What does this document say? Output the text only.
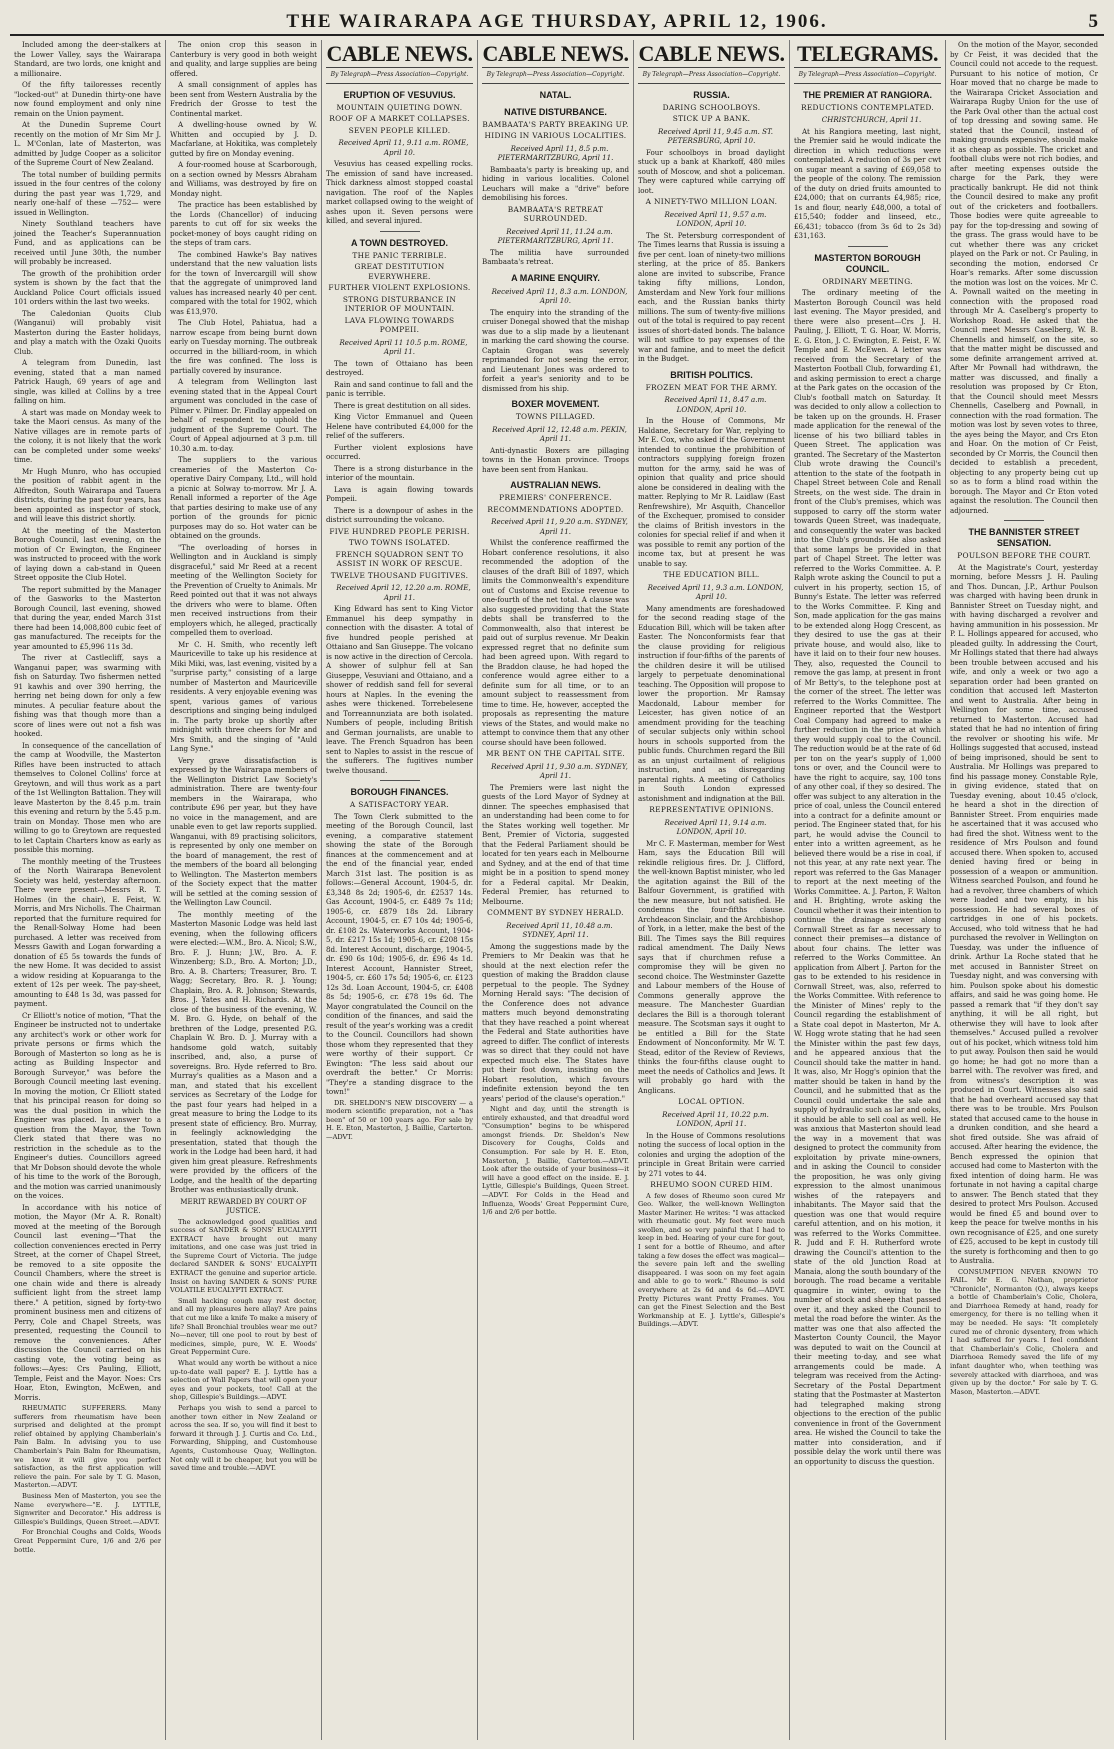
THE WAIRARAPA AGE THURSDAY, APRIL 12, 1906.	5

Included among the deer-stalkers at the Lower Valley, says the Wairarapa Standard, are two lords, one knight and a millionaire.

Of the fifty tailoresses recently "locked-out" at Dunedin thirty-one have now found employment and only nine remain on the Union payment.

At the Dunedin Supreme Court recently on the motion of Mr Sim Mr J. L. M'Conlan, late of Masterton, was admitted by Judge Cooper as a solicitor of the Supreme Court of New Zealand.

The total number of building permits issued in the four centres of the colony during the past year was 1,729, and nearly one-half of these —752— were issued in Wellington.

Ninety Southland teachers have joined the Teacher's Superannuation Fund, and as applications can be received until June 30th, the number will probably be increased.

The growth of the prohibition order system is shown by the fact that the Auckland Police Court officials issued 101 orders within the last two weeks.

The Caledonian Quoits Club (Wanganui) will probably visit Masterton during the Easter holidays, and play a match with the Ozaki Quoits Club.

A telegram from Dunedin, last evening, stated that a man named Patrick Haugh, 69 years of age and single, was killed at Collins by a tree falling on him.

A start was made on Monday week to take the Maori census. As many of the Native villages are in remote parts of the colony, it is not likely that the work can be completed under some weeks' time.

Mr Hugh Munro, who has occupied the position of rabbit agent in the Alfredton, South Wairarapa and Tauera districts, during the past four years, has been appointed as inspector of stock, and will leave this district shortly.

At the meeting of the Masterton Borough Council, last evening, on the motion of Cr Ewington, the Engineer was instructed to proceed with the work of laying down a cab-stand in Queen Street opposite the Club Hotel.

The report submitted by the Manager of the Gasworks to the Masterton Borough Council, last evening, showed that during the year, ended March 31st there had been 14,008,800 cubic feet of gas manufactured. The receipts for the year amounted to £5,996 11s 3d.

The river at Castlecliff, says a Wanganui paper, was swarming with fish on Saturday. Two fishermen netted 91 kawhis and over 390 herring, the herring net being down for only a few minutes. A peculiar feature about the fishing was that though more than a score of lines were out not a fish was hooked.

In consequence of the cancellation of the camp at Woodville, the Masterton Rifles have been instructed to attach themselves to Colonel Collins' force at Greytown, and will thus work as a part of the 1st Wellington Battalion. They will leave Masterton by the 8.45 p.m. train this evening and return by the 5.45 p.m. train on Monday. Those men who are willing to go to Greytown are requested to let Captain Charters know as early as possible this morning.

The monthly meeting of the Trustees of the North Wairarapa Benevolent Society was held, yesterday afternoon. There were present—Messrs R. T. Holmes (in the chair), E. Feist, W. Morris, and Mrs Nicholls. The Chairman reported that the furniture required for the Renall-Solway Home had been purchased. A letter was received from Messrs Gawith and Logan forwarding a donation of £5 5s towards the funds of the new Home. It was decided to assist a widow residing at Kopuaranga to the extent of 12s per week. The pay-sheet, amounting to £48 1s 3d, was passed for payment.

Cr Elliott's notice of motion, "That the Engineer be instructed not to undertake any architect's work or other work for private persons or firms which the Borough of Masterton so long as he is acting as Building Inspector and Borough Surveyor," was before the Borough Council meeting last evening. In moving the motion, Cr Elliott stated that his principal reason for doing so was the dual position in which the Engineer was placed. In answer to a question from the Mayor, the Town Clerk stated that there was no restriction in the schedule as to the Engineer's duties. Councillors agreed that Mr Dobson should devote the whole of his time to the work of the Borough, and the motion was carried unanimously on the voices.

In accordance with his notice of motion, the Mayor (Mr A. R. Ronalt) moved at the meeting of the Borough Council last evening—"That the collection conveniences erected in Perry Street, at the corner of Chapel Street, be removed to a site opposite the Council Chambers, where the street is one chain wide and there is already sufficient light from the street lamp there." A petition, signed by forty-two prominent business men and citizens of Perry, Cole and Chapel Streets, was presented, requesting the Council to remove the conveniences. After discussion the Council carried on his casting vote, the voting being as follows:—Ayes: Crs Pauling, Elliott, Temple, Feist and the Mayor. Noes: Crs Hoar, Eton, Ewington, McEwen, and Morris.

RHEUMATIC SUFFERERS. Many sufferers from rheumatism have been surprised and delighted at the prompt relief obtained by applying Chamberlain's Pain Balm. In advising you to use Chamberlain's Pain Balm for Rheumatism, we know it will give you perfect satisfaction, as the first application will relieve the pain. For sale by T. G. Mason, Masterton.—ADVT.

Business Men of Masterton, you see the Name everywhere—"E. J. LYTTLE, Signwriter and Decorator." His address is Gillespie's Buildings, Queen Street.—ADVT.

For Bronchial Coughs and Colds, Woods Great Peppermint Cure, 1/6 and 2/6 per bottle.

The onion crop this season in Canterbury is very good in both weight and quality, and large supplies are being offered.

A small consignment of apples has been sent from Western Australia by the Fredrich der Grosse to test the Continental market.

A dwelling-house owned by W. Whitten and occupied by J. D. Macfarlane, at Hokitika, was completely gutted by fire on Monday evening.

A four-roomed house at Scarborough, on a section owned by Messrs Abraham and Williams, was destroyed by fire on Monday night.

The practice has been established by the Lords (Chancellor) of inducing parents to cut off for six weeks the pocket-money of boys caught riding on the steps of tram cars.

The combined Hawke's Bay natives understand that the new valuation lists for the town of Invercargill will show that the aggregate of unimproved land values has increased nearly 40 per cent. compared with the total for 1902, which was £13,970.

The Club Hotel, Pahiatua, had a narrow escape from being burnt down early on Tuesday morning. The outbreak occurred in the billiard-room, in which the fire was confined. The loss is partially covered by insurance.

A telegram from Wellington last evening stated that in the Appeal Court argument was concluded in the case of Pilmer v. Pilmer. Dr. Findlay appealed on behalf of respondent to uphold the judgment of the Supreme Court. The Court of Appeal adjourned at 3 p.m. till 10.30 a.m. to-day.

The suppliers to the various creameries of the Masterton Co-operative Dairy Company, Ltd., will hold a picnic at Solway to-morrow. Mr J. A. Renall informed a reporter of the Age that parties desiring to make use of any portion of the grounds for picnic purposes may do so. Hot water can be obtained on the grounds.

"The overloading of horses in Wellington and in Auckland is simply disgraceful," said Mr Reed at a recent meeting of the Wellington Society for the Prevention of Cruelty to Animals. Mr Reed pointed out that it was not always the drivers who were to blame. Often men received instructions from their employers which, he alleged, practically compelled them to overload.

Mr C. H. Smith, who recently left Mauriceville to take up his residence at Miki Miki, was, last evening, visited by a "surprise party," consisting of a large number of Masterton and Mauriceville residents. A very enjoyable evening was spent, various games of various descriptions and singing being indulged in. The party broke up shortly after midnight with three cheers for Mr and Mrs Smith, and the singing of "Auld Lang Syne."

Very grave dissatisfaction is expressed by the Wairarapa members of the Wellington District Law Society's administration. There are twenty-four members in the Wairarapa, who contribute £96 per year, but they have no voice in the management, and are unable even to get law reports supplied. Wanganui, with 89 practising solicitors, is represented by only one member on the board of management, the rest of the members of the board all belonging to Wellington. The Masterton members of the Society expect that the matter will be settled at the coming session of the Wellington Law Council.

The monthly meeting of the Masterton Masonic Lodge was held last evening, when the following officers were elected:—W.M., Bro. A. Nicol; S.W., Bro. F. J. Hunn; J.W., Bro. A. F. Winzenberg; S.D., Bro. A. Morton; J.D., Bro. A. B. Charters; Treasurer, Bro. T. Wagg; Secretary, Bro. R. J. Young; Chaplain, Bro. A. R. Johnson; Stewards, Bros. J. Yates and H. Richards. At the close of the business of the evening, W. M. Bro. G. Hyde, on behalf of the brethren of the Lodge, presented P.G. Chaplain W. Bro. D. J. Murray with a handsome gold watch, suitably inscribed, and, also, a purse of sovereigns. Bro. Hyde referred to Bro. Murray's qualities as a Mason and a man, and stated that his excellent services as Secretary of the Lodge for the past four years had helped in a great measure to bring the Lodge to its present state of efficiency. Bro. Murray, in feelingly acknowledging the presentation, stated that though the work in the Lodge had been hard, it had given him great pleasure. Refreshments were provided by the officers of the Lodge, and the health of the departing Brother was enthusiastically drunk.

MERIT REWARDED BY COURT OF JUSTICE.

The acknowledged good qualities and success of SANDER & SONS' EUCALYPTI EXTRACT have brought out many imitations, and one case was just tried in the Supreme Court of Victoria. The judge declared SANDER & SONS' EUCALYPTI EXTRACT the genuine and superior article. Insist on having SANDER & SONS' PURE VOLATILE EUCALYPTI EXTRACT.

Small hacking cough may rest doctor, and all my pleasures here allay? Are pains that cut me like a knife To make a misery of life? Shall Bronchial troubles wear me out? No—never, till one pool to rout by best of medicines, simple, pure, W. E. Woods' Great Peppermint Cure.

What would any worth be without a nice up-to-date wall paper? E. J. Lyttle has a selection of Wall Papers that will open your eyes and your pockets, too! Call at the shop, Gillespie's Buildings.—ADVT.

Perhaps you wish to send a parcel to another town either in New Zealand or across the sea. If so, you will find it best to forward it through J. J. Curtis and Co. Ltd., Forwarding, Shipping, and Customhouse Agents, Customhouse Quay, Wellington. Not only will it be cheaper, but you will be saved time and trouble.—ADVT.

CABLE NEWS.
By Telegraph—Press Association—Copyright.
ERUPTION OF VESUVIUS.
MOUNTAIN QUIETING DOWN.
ROOF OF A MARKET COLLAPSES.
SEVEN PEOPLE KILLED.

Received April 11, 9.11 a.m. ROME, April 10.

Vesuvius has ceased expelling rocks. The emission of sand have increased. Thick darkness almost stopped coastal navigation. The roof of the Naples market collapsed owing to the weight of ashes upon it. Seven persons were killed, and several injured.

A TOWN DESTROYED.
THE PANIC TERRIBLE.
GREAT DESTITUTION EVERYWHERE.
FURTHER VIOLENT EXPLOSIONS.
STRONG DISTURBANCE IN INTERIOR OF MOUNTAIN.
LAVA FLOWING TOWARDS POMPEII.

Received April 11 10.5 p.m. ROME, April 11.

The town of Ottaiano has been destroyed.

Rain and sand continue to fall and the panic is terrible.

There is great destitution on all sides.

King Victor Emmanuel and Queen Helene have contributed £4,000 for the relief of the sufferers.

Further violent explosions have occurred.

There is a strong disturbance in the interior of the mountain.

Lava is again flowing towards Pompeii.

There is a downpour of ashes in the district surrounding the volcano.

FIVE HUNDRED PEOPLE PERISH.
TWO TOWNS ISOLATED.
FRENCH SQUADRON SENT TO ASSIST IN WORK OF RESCUE.
TWELVE THOUSAND FUGITIVES.

Received April 12, 12.20 a.m. ROME, April 11.

King Edward has sent to King Victor Emmanuel his deep sympathy in connection with the disaster. A total of five hundred people perished at Ottaiano and San Giuseppe. The volcano is now active in the direction of Cercola. A shower of sulphur fell at San Giuseppe, Vesuviani and Ottaiano, and a shower of reddish sand fell for several hours at Naples. In the evening the ashes were thickened. Torrebelesene and Torreannunziata are both isolated. Numbers of people, including British and German journalists, are unable to leave. The French Squadron has been sent to Naples to assist in the rescue of the sufferers. The fugitives number twelve thousand.

BOROUGH FINANCES.
A SATISFACTORY YEAR.

The Town Clerk submitted to the meeting of the Borough Council, last evening, a comparative statement showing the state of the Borough finances at the commencement and at the end of the financial year, ended March 31st last. The position is as follows:—General Account, 1904-5, dr. £3,348 8s 2d; 1905-6, dr. £2537 14s. Gas Account, 1904-5, cr. £489 7s 11d; 1905-6, cr. £879 18s 2d. Library Account, 1904-5, cr. £7 10s 4d; 1905-6, dr. £108 2s. Waterworks Account, 1904-5, dr. £217 15s 1d; 1905-6, cr. £208 15s 8d. Interest Account, discharge, 1904-5, dr. £90 6s 10d; 1905-6, dr. £96 4s 1d. Interest Account, Hannister Street, 1904-5, cr. £60 17s 5d; 1905-6, cr. £123 12s 3d. Loan Account, 1904-5, cr. £408 8s 5d; 1905-6, cr. £78 19s 6d. The Mayor congratulated the Council on the condition of the finances, and said the result of the year's working was a credit to the Council. Councillors had shown those whom they represented that they were worthy of their support. Cr Ewington: "The less said about our overdraft the better." Cr Morris: "They're a standing disgrace to the town!"

DR. SHELDON'S NEW DISCOVERY — a modern scientific preparation, not a "has been" of 50 or 100 years ago. For sale by H. E. Eton, Masterton, J. Baillie, Carterton.—ADVT.

CABLE NEWS.
By Telegraph—Press Association—Copyright.
NATAL.
NATIVE DISTURBANCE.
BAMBAATA'S PARTY BREAKING UP.
HIDING IN VARIOUS LOCALITIES.

Received April 11, 8.5 p.m. PIETERMARITZBURG, April 11.

Bambaata's party is breaking up, and hiding in various localities. Colonel Leuchars will make a "drive" before demobilising his forces.

BAMBAATA'S RETREAT SURROUNDED.

Received April 11, 11.24 a.m. PIETERMARITZBURG, April 11.

The militia have surrounded Bambaata's retreat.

A MARINE ENQUIRY.

Received April 11, 8.3 a.m. LONDON, April 10.

The enquiry into the stranding of the cruiser Donegal showed that the mishap was due to a slip made by a lieutenant in marking the card showing the course. Captain Grogan was severely reprimanded for not seeing the error, and Lieutenant Jones was ordered to forfeit a year's seniority and to be dismissed from his ship.

BOXER MOVEMENT.
TOWNS PILLAGED.

Received April 12, 12.48 a.m. PEKIN, April 11.

Anti-dynastic Boxers are pillaging towns in the Honan province. Troops have been sent from Hankau.

AUSTRALIAN NEWS.
PREMIERS' CONFERENCE.
RECOMMENDATIONS ADOPTED.

Received April 11, 9.20 a.m. SYDNEY, April 11.

Whilst the conference reaffirmed the Hobart conference resolutions, it also recommended the adoption of the clauses of the draft Bill of 1897, which limits the Commonwealth's expenditure out of Customs and Excise revenue to one-fourth of the net total. A clause was also suggested providing that the State debts shall be transferred to the Commonwealth, also that interest be paid out of surplus revenue. Mr Deakin expressed regret that no definite sum had been agreed upon. With regard to the Braddon clause, he had hoped the conference would agree either to a definite sum for all time, or to an amount subject to reassessment from time to time. He, however, accepted the proposals as representing the mature views of the States, and would make no attempt to convince them that any other course should have been followed.

MR BENT ON THE CAPITAL SITE.

Received April 11, 9.30 a.m. SYDNEY, April 11.

The Premiers were last night the guests of the Lord Mayor of Sydney at dinner. The speeches emphasised that an understanding had been come to for the States working well together. Mr Bent, Premier of Victoria, suggested that the Federal Parliament should be located for ten years each in Melbourne and Sydney, and at the end of that time might be in a position to spend money for a Federal capital. Mr Deakin, Federal Premier, has returned to Melbourne.

COMMENT BY SYDNEY HERALD.

Received April 11, 10.48 a.m. SYDNEY, April 11.

Among the suggestions made by the Premiers to Mr Deakin was that he should at the next election refer the question of making the Braddon clause perpetual to the people. The Sydney Morning Herald says: "The decision of the Conference does not advance matters much beyond demonstrating that they have reached a point whereat the Federal and State authorities have agreed to differ. The conflict of interests was so direct that they could not have expected much else. The States have put their foot down, insisting on the Hobart resolution, which favours indefinite extension beyond the ten years' period of the clause's operation."

Night and day, until the strength is entirely exhausted, and that dreadful word "Consumption" begins to be whispered amongst friends. Dr. Sheldon's New Discovery for Coughs, Colds and Consumption. For sale by H. E. Eton, Masterton, J. Baillie, Carterton.—ADVT. Look after the outside of your business—it will have a good effect on the inside. E. J. Lyttle, Gillespie's Buildings, Queen Street.—ADVT. For Colds in the Head and Influenza, Woods' Great Peppermint Cure, 1/6 and 2/6 per bottle.

CABLE NEWS.
By Telegraph—Press Association—Copyright.
RUSSIA.
DARING SCHOOLBOYS.
STICK UP A BANK.

Received April 11, 9.45 a.m. ST. PETERSBURG, April 10.

Four schoolboys in broad daylight stuck up a bank at Kharkoff, 480 miles south of Moscow, and shot a policeman. They were captured while carrying off loot.

A NINETY-TWO MILLION LOAN.

Received April 11, 9.57 a.m. LONDON, April 10.

The St. Petersburg correspondent of The Times learns that Russia is issuing a five per cent. loan of ninety-two millions sterling, at the price of 85. Bankers alone are invited to subscribe, France taking fifty millions, London, Amsterdam and New York four millions each, and the Russian banks thirty millions. The sum of twenty-five millions out of the total is required to pay recent issues of short-dated bonds. The balance will not suffice to pay expenses of the war and famine, and to meet the deficit in the Budget.

BRITISH POLITICS.
FROZEN MEAT FOR THE ARMY.

Received April 11, 8.47 a.m. LONDON, April 10.

In the House of Commons, Mr Haldane, Secretary for War, replying to Mr E. Cox, who asked if the Government intended to continue the prohibition of contractors supplying foreign frozen mutton for the army, said he was of opinion that quality and price should alone be considered in dealing with the matter. Replying to Mr R. Laidlaw (East Renfrewshire), Mr Asquith, Chancellor of the Exchequer, promised to consider the claims of British investors in the colonies for special relief if and when it was possible to remit any portion of the income tax, but at present he was unable to say.

THE EDUCATION BILL.

Received April 11, 9.3 a.m. LONDON, April 10.

Many amendments are foreshadowed for the second reading stage of the Education Bill, which will be taken after Easter. The Nonconformists fear that the clause providing for religious instruction if four-fifths of the parents of the children desire it will be utilised largely to perpetuate denominational teaching. The Opposition will propose to lower the proportion. Mr Ramsay Macdonald, Labour member for Leicester, has given notice of an amendment providing for the teaching of secular subjects only within school hours in schools supported from the public funds. Churchmen regard the Bill as an unjust curtailment of religious instruction, and as disregarding parental rights. A meeting of Catholics in South London expressed astonishment and indignation at the Bill.

REPRESENTATIVE OPINIONS.

Received April 11, 9.14 a.m. LONDON, April 10.

Mr C. F. Masterman, member for West Ham, says the Education Bill will rekindle religious fires. Dr. J. Clifford, the well-known Baptist minister, who led the agitation against the Bill of the Balfour Government, is gratified with the new measure, but not satisfied. He condemns the four-fifths clause. Archdeacon Sinclair, and the Archbishop of York, in a letter, make the best of the Bill. The Times says the Bill requires radical amendment. The Daily News says that if churchmen refuse a compromise they will be given no second choice. The Westminster Gazette and Labour members of the House of Commons generally approve the measure. The Manchester Guardian declares the Bill is a thorough tolerant measure. The Scotsman says it ought to be entitled a Bill for the State Endowment of Nonconformity. Mr W. T. Stead, editor of the Review of Reviews, thinks the four-fifths clause ought to meet the needs of Catholics and Jews. It will probably go hard with the Anglicans.

LOCAL OPTION.

Received April 11, 10.22 p.m. LONDON, April 11.

In the House of Commons resolutions noting the success of local option in the colonies and urging the adoption of the principle in Great Britain were carried by 271 votes to 44.

RHEUMO SOON CURED HIM.

A few doses of Rheumo soon cured Mr Geo. Walker, the well-known Wellington Master Mariner. He writes: "I was attacked with rheumatic gout. My feet were much swollen, and so very painful that I had to keep in bed. Hearing of your cure for gout, I sent for a bottle of Rheumo, and after taking a few doses the effect was magical—the severe pain left and the swelling disappeared. I was soon on my feet again and able to go to work." Rheumo is sold everywhere at 2s 6d and 4s 6d.—ADVT. Pretty Pictures want Pretty Frames. You can get the Finest Selection and the Best Workmanship at E. J. Lyttle's, Gillespie's Buildings.—ADVT.

TELEGRAMS.
By Telegraph—Press Association—Copyright.
THE PREMIER AT RANGIORA.
REDUCTIONS CONTEMPLATED.

CHRISTCHURCH, April 11.

At his Rangiora meeting, last night, the Premier said he would indicate the direction in which reductions were contemplated. A reduction of 3s per cwt on sugar meant a saving of £69,058 to the people of the colony. The remission of the duty on dried fruits amounted to £24,000; that on currants £4,985; rice, 1s and flour, nearly £48,000, a total of £15,540; fodder and linseed, etc., £6,431; tobacco (from 3s 6d to 2s 3d) £31,163.

MASTERTON BOROUGH COUNCIL.
ORDINARY MEETING.

The ordinary meeting of the Masterton Borough Council was held last evening. The Mayor presided, and there were also present—Crs J. H. Pauling, J. Elliott, T. G. Hoar, W. Morris, E. G. Eton, J. C. Ewington, E. Feist, F. W. Temple and E. McEwen. A letter was received from the Secretary of the Masterton Football Club, forwarding £1, and asking permission to erect a charge at the Park gates on the occasion of the Club's football match on Saturday. It was decided to only allow a collection to be taken up on the grounds. H. Fraser made application for the renewal of the license of his two billiard tables in Queen Street. The application was granted. The Secretary of the Masterton Club wrote drawing the Council's attention to the state of the footpath in Chapel Street between Cole and Renall Streets, on the west side. The drain in front of the Club's premises, which was supposed to carry off the storm water towards Queen Street, was inadequate, and consequently the water was backed into the Club's grounds. He also asked that some lamps be provided in that part of Chapel Street. The letter was referred to the Works Committee. A. P. Ralph wrote asking the Council to put a culvert in his property, section 15, of Bunny's Estate. The letter was referred to the Works Committee. F. King and Son, made application for the gas mains to be extended along Hogg Crescent, as they desired to use the gas at their private house, and would also, like to have it laid on to their four new houses. They, also, requested the Council to remove the gas lamp, at present in front of Mr Betty's, to the telephone post at the corner of the street. The letter was referred to the Works Committee. The Engineer reported that the Westport Coal Company had agreed to make a further reduction in the price at which they would supply coal to the Council. The reduction would be at the rate of 6d per ton on the year's supply of 1,000 tons or over, and the Council were to have the right to acquire, say, 100 tons of any other coal, if they so desired. The offer was subject to any alteration in the price of coal, unless the Council entered into a contract for a definite amount or period. The Engineer stated that, for his part, he would advise the Council to enter into a written agreement, as he believed there would be a rise in coal, if not this year, at any rate next year. The report was referred to the Gas Manager to report at the next meeting of the Works Committee. A. J. Parton, F. Walton and H. Brighting, wrote asking the Council whether it was their intention to continue the drainage sewer along Cornwall Street as far as necessary to connect their premises—a distance of about four chains. The letter was referred to the Works Committee. An application from Albert J. Parton for the gas to be extended to his residence in Cornwall Street, was, also, referred to the Works Committee. With reference to the Minister of Mines' reply to the Council regarding the establishment of a State coal depot in Masterton, Mr A. W. Hogg wrote stating that he had seen the Minister within the past few days, and he appeared anxious that the Council should take the matter in hand. It was, also, Mr Hogg's opinion that the matter should be taken in hand by the Council, and he submitted that as the Council could undertake the sale and supply of hydraulic such as lar and ooks, it should be able to sell coal as well. He was anxious that Masterton should lead the way in a movement that was designed to protect the community from exploitation by private mine-owners, and in asking the Council to consider the proposition, he was only giving expression to the almost unanimous wishes of the ratepayers and inhabitants. The Mayor said that the question was one that would require careful attention, and on his motion, it was referred to the Works Committee. R. Judd and F. H. Rutherford wrote drawing the Council's attention to the state of the old Junction Road at Manaia, along the south boundary of the borough. The road became a veritable quagmire in winter, owing to the number of stock and sheep that passed over it, and they asked the Council to metal the road before the winter. As the matter was one that also affected the Masterton County Council, the Mayor was deputed to wait on the Council at their meeting to-day, and see what arrangements could be made. A telegram was received from the Acting-Secretary of the Postal Department stating that the Postmaster at Masterton had telegraphed making strong objections to the erection of the public convenience in front of the Government area. He wished the Council to take the matter into consideration, and if possible delay the work until there was an opportunity to discuss the question.

On the motion of the Mayor, seconded by Cr Feist, it was decided that the Council could not accede to the request. Pursuant to his notice of motion, Cr Hoar moved that no charge be made to the Wairarapa Cricket Association and Wairarapa Rugby Union for the use of the Park Oval other than the actual cost of top dressing and sowing same. He stated that the Council, instead of making grounds expensive, should make it as cheap as possible. The cricket and football clubs were not rich bodies, and after meeting expenses outside the charge for the Park, they were practically bankrupt. He did not think the Council desired to make any profit out of the cricketers and footballers. Those bodies were quite agreeable to pay for the top-dressing and sowing of the grass. The grass would have to be cut whether there was any cricket played on the Park or not. Cr Pauling, in seconding the motion, endorsed Cr Hoar's remarks. After some discussion the motion was lost on the voices. Mr C. A. Pownall waited on the meeting in connection with the proposed road through Mr A. Caselberg's property to Workshop Road. He asked that the Council meet Messrs Caselberg, W. B. Chennells and himself, on the site, so that the matter might be discussed and some definite arrangement arrived at. After Mr Pownall had withdrawn, the matter was discussed, and finally a resolution was proposed by Cr Eton, that the Council should meet Messrs Chennells, Caselberg and Pownall, in connection with the road formation. The motion was lost by seven votes to three, the ayes being the Mayor, and Crs Eton and Hoar. On the motion of Cr Feist, seconded by Cr Morris, the Council then decided to establish a precedent, objecting to any property being cut up so as to form a blind road within the borough. The Mayor and Cr Eton voted against the resolution. The Council then adjourned.

THE BANNISTER STREET SENSATION.
POULSON BEFORE THE COURT.

At the Magistrate's Court, yesterday morning, before Messrs J. H. Pauling and Thos. Duncan, J.P., Arthur Poulson was charged with having been drunk in Bannister Street on Tuesday night, and with having discharged a revolver and having ammunition in his possession. Mr P. L. Hollings appeared for accused, who pleaded guilty. In addressing the Court, Mr Hollings stated that there had always been trouble between accused and his wife, and only a week or two ago a separation order had been granted on condition that accused left Masterton and went to Australia. After being in Wellington for some time, accused returned to Masterton. Accused had stated that he had no intention of firing the revolver or shooting his wife. Mr Hollings suggested that accused, instead of being imprisoned, should be sent to Australia. Mr Hollings was prepared to find his passage money. Constable Ryle, in giving evidence, stated that on Tuesday evening, about 10.45 o'clock, he heard a shot in the direction of Bannister Street. From enquiries made he ascertained that it was accused who had fired the shot. Witness went to the residence of Mrs Poulson and found accused there. When spoken to, accused denied having fired or being in possession of a weapon or ammunition. Witness searched Poulson, and found he had a revolver, three chambers of which were loaded and two empty, in his possession. He had several boxes of cartridges in one of his pockets. Accused, who told witness that he had purchased the revolver in Wellington on Tuesday, was under the influence of drink. Arthur La Roche stated that he met accused in Bannister Street on Tuesday night, and was conversing with him. Poulson spoke about his domestic affairs, and said he was going home. He passed a remark that "if they don't say anything, it will be all right, but otherwise they will have to look after themselves." Accused pulled a revolver out of his pocket, which witness told him to put away. Poulson then said he would go home; he had got no more than a barrel with. The revolver was fired, and from witness's description it was produced in Court. Witnesses also said that he had overheard accused say that there was to be trouble. Mrs Poulson stated that accused came to the house in a drunken condition, and she heard a shot fired outside. She was afraid of accused. After hearing the evidence, the Bench expressed the opinion that accused had come to Masterton with the fixed intention of doing harm. He was fortunate in not having a capital charge to answer. The Bench stated that they desired to protect Mrs Poulson. Accused would be fined £5 and bound over to keep the peace for twelve months in his own recognisance of £25, and one surety of £25, accused to be kept in custody till the surety is forthcoming and then to go to Australia.

CONSUMPTION NEVER KNOWN TO FAIL. Mr E. G. Nathan, proprietor "Chronicle", Normanton (Q.), always keeps a bottle of Chamberlain's Colic, Cholera, and Diarrhoea Remedy at hand, ready for emergency, for there is no telling when it may be needed. He says: "It completely cured me of chronic dysentery, from which I had suffered for years. I feel confident that Chamberlain's Colic, Cholera and Diarrhoea Remedy saved the life of my infant daughter who, when teething was severely attacked with diarrhoea, and was given up by the doctor." For sale by T. G. Mason, Masterton.—ADVT.
